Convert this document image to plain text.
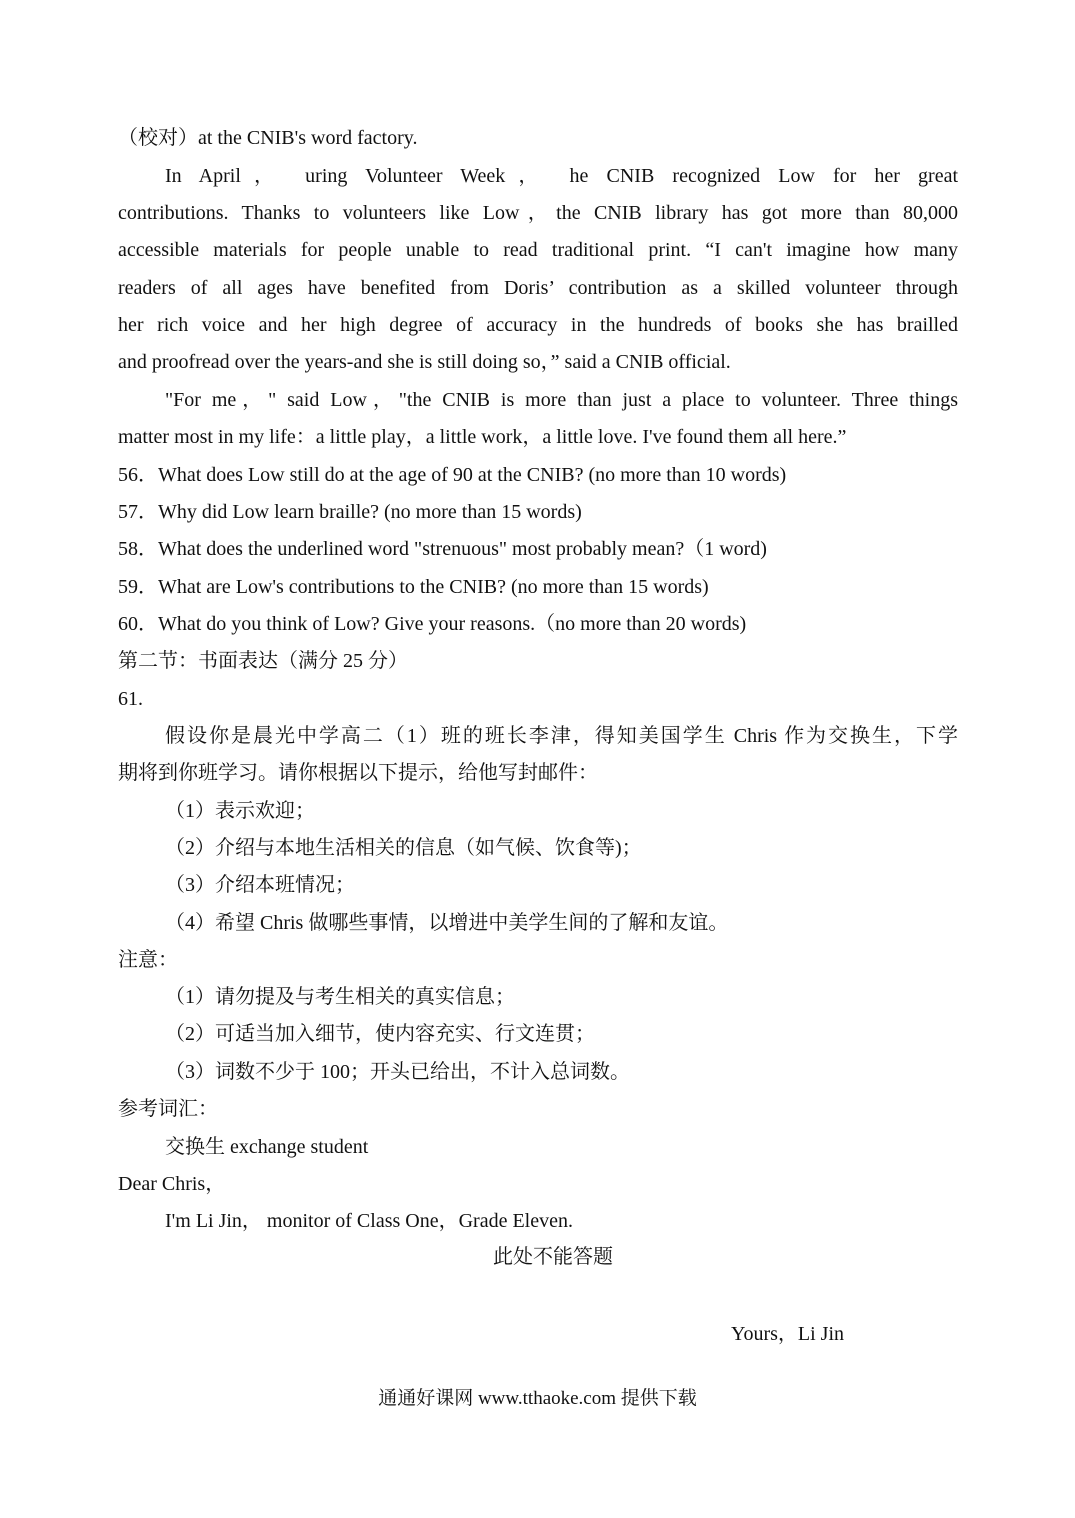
（校对）at the CNIB's word factory.
In April， uring Volunteer Week， he CNIB recognized Low for her great
contributions. Thanks to volunteers like Low，the CNIB library has got more than 80,000
accessible materials for people unable to read traditional print. “I can't imagine how many
readers of all ages have benefited from Doris’ contribution as a skilled volunteer through
her rich voice and her high degree of accuracy in the hundreds of books she has brailled
and proofread over the years-and she is still doing so，” said a CNIB official.
"For me，" said Low，"the CNIB is more than just a place to volunteer. Three things
matter most in my life：a little play，a little work，a little love. I've found them all here.”
56．What does Low still do at the age of 90 at the CNIB? (no more than 10 words)
57．Why did Low learn braille? (no more than 15 words)
58．What does the underlined word "strenuous" most probably mean?（1 word)
59．What are Low's contributions to the CNIB? (no more than 15 words)
60．What do you think of Low? Give your reasons.（no more than 20 words)
第二节：书面表达（满分 25 分）
61.
假设你是晨光中学高二（1）班的班长李津，得知美国学生 Chris 作为交换生，下学
期将到你班学习。请你根据以下提示，给他写封邮件：
（1）表示欢迎；
（2）介绍与本地生活相关的信息（如气候、饮食等)；
（3）介绍本班情况；
（4）希望 Chris 做哪些事情，以增进中美学生间的了解和友谊。
注意：
（1）请勿提及与考生相关的真实信息；
（2）可适当加入细节，使内容充实、行文连贯；
（3）词数不少于 100；开头已给出，不计入总词数。
参考词汇：
交换生 exchange student
Dear Chris，
I'm Li Jin， monitor of Class One，Grade Eleven.
此处不能答题
Yours，Li Jin
通通好课网 www.tthaoke.com 提供下载
